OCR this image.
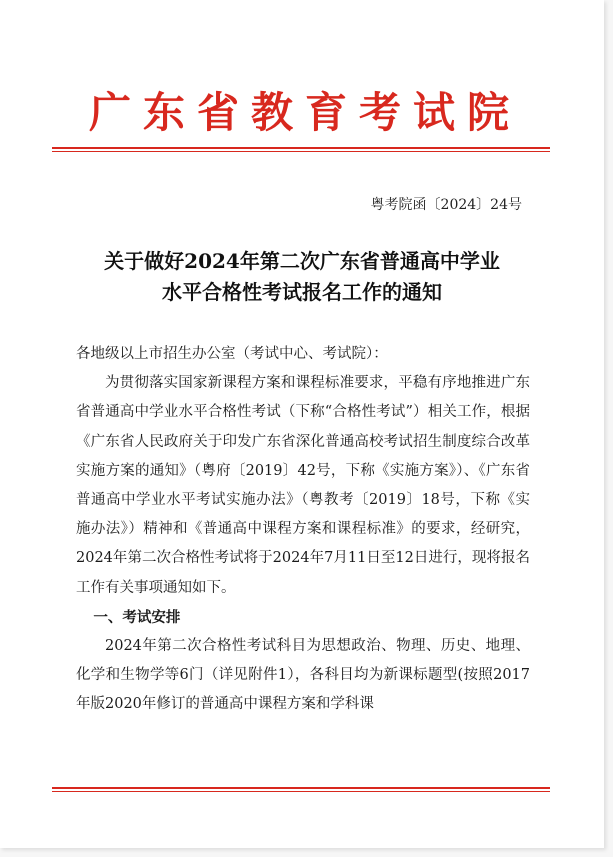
广东省教育考试院
粤考院函〔2024〕24号
关于做好2024年第二次广东省普通高中学业
水平合格性考试报名工作的通知

各地级以上市招生办公室（考试中心、考试院）：

为贯彻落实国家新课程方案和课程标准要求，平稳有序地推进广东省普通高中学业水平合格性考试（下称“合格性考试”）相关工作，根据《广东省人民政府关于印发广东省深化普通高校考试招生制度综合改革实施方案的通知》（粤府〔2019〕42号，下称《实施方案》）、《广东省普通高中学业水平考试实施办法》（粤教考〔2019〕18号，下称《实施办法》）精神和《普通高中课程方案和课程标准》的要求，经研究，2024年第二次合格性考试将于2024年7月11日至12日进行，现将报名工作有关事项通知如下。

一、考试安排

2024年第二次合格性考试科目为思想政治、物理、历史、地理、化学和生物学等6门（详见附件1），各科目均为新课标题型(按照2017年版2020年修订的普通高中课程方案和学科课
